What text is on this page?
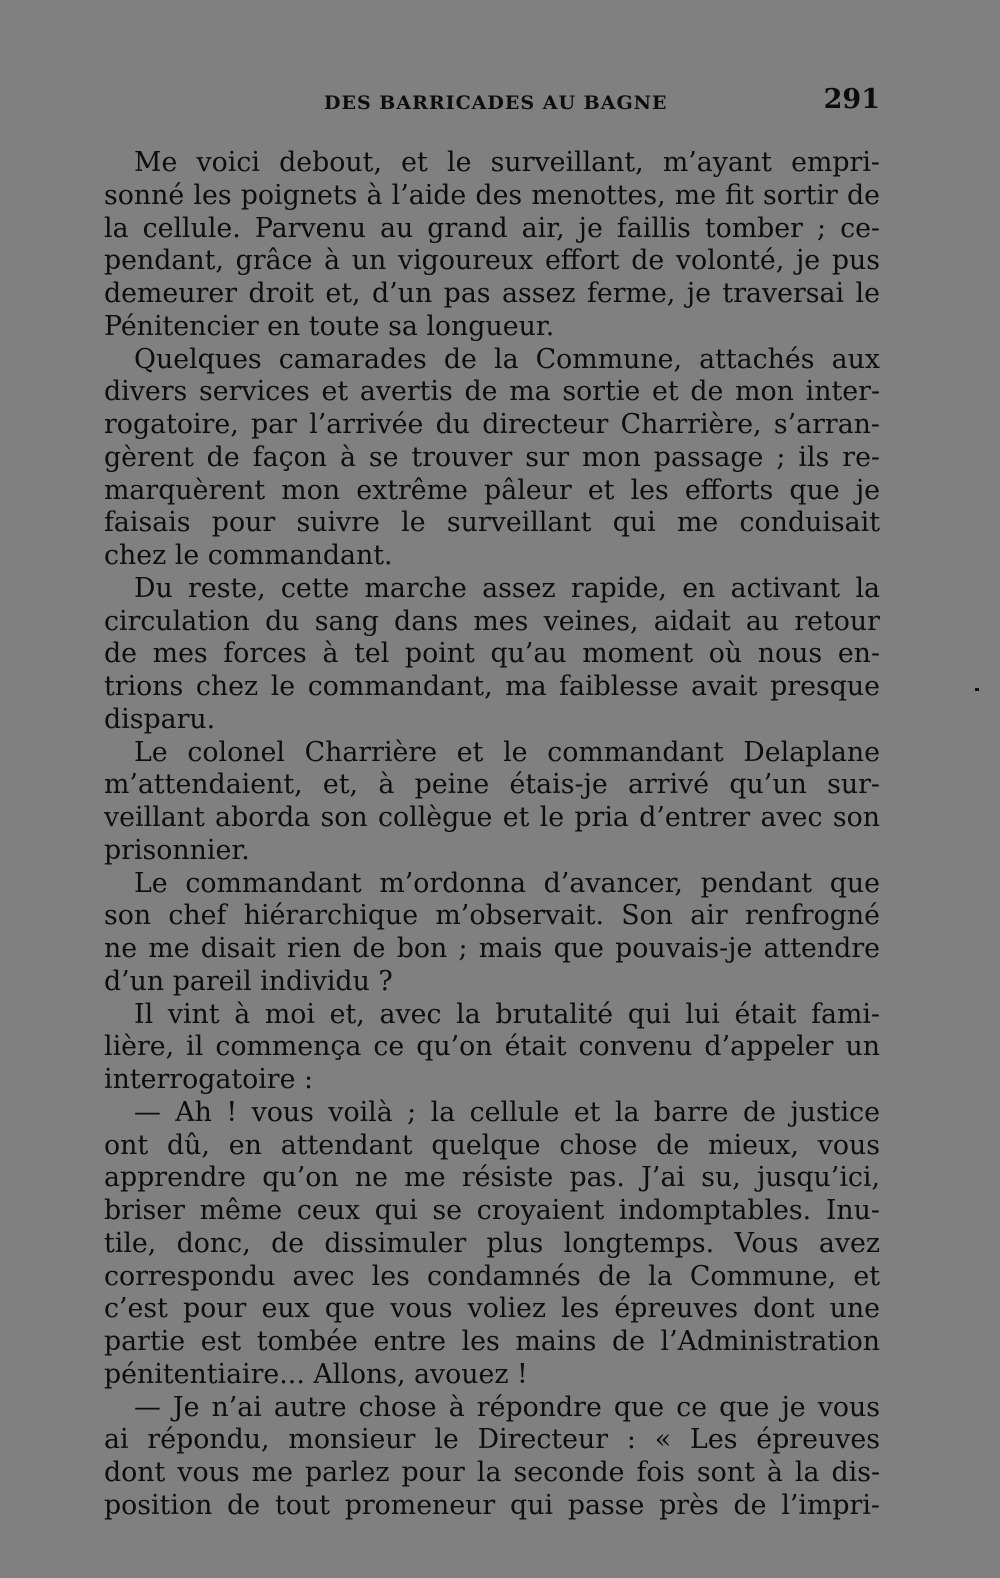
DES BARRICADES AU BAGNE	291
Me voici debout, et le surveillant, m’ayant empri-
sonné les poignets à l’aide des menottes, me fit sortir de
la cellule. Parvenu au grand air, je faillis tomber ; ce-
pendant, grâce à un vigoureux effort de volonté, je pus
demeurer droit et, d’un pas assez ferme, je traversai le
Pénitencier en toute sa longueur.
Quelques camarades de la Commune, attachés aux
divers services et avertis de ma sortie et de mon inter-
rogatoire, par l’arrivée du directeur Charrière, s’arran-
gèrent de façon à se trouver sur mon passage ; ils re-
marquèrent mon extrême pâleur et les efforts que je
faisais pour suivre le surveillant qui me conduisait
chez le commandant.
Du reste, cette marche assez rapide, en activant la
circulation du sang dans mes veines, aidait au retour
de mes forces à tel point qu’au moment où nous en-
trions chez le commandant, ma faiblesse avait presque
disparu.
Le colonel Charrière et le commandant Delaplane
m’attendaient, et, à peine étais-je arrivé qu’un sur-
veillant aborda son collègue et le pria d’entrer avec son
prisonnier.
Le commandant m’ordonna d’avancer, pendant que
son chef hiérarchique m’observait. Son air renfrogné
ne me disait rien de bon ; mais que pouvais-je attendre
d’un pareil individu ?
Il vint à moi et, avec la brutalité qui lui était fami-
lière, il commença ce qu’on était convenu d’appeler un
interrogatoire :
— Ah ! vous voilà ; la cellule et la barre de justice
ont dû, en attendant quelque chose de mieux, vous
apprendre qu’on ne me résiste pas. J’ai su, jusqu’ici,
briser même ceux qui se croyaient indomptables. Inu-
tile, donc, de dissimuler plus longtemps. Vous avez
correspondu avec les condamnés de la Commune, et
c’est pour eux que vous voliez les épreuves dont une
partie est tombée entre les mains de l’Administration
pénitentiaire... Allons, avouez !
— Je n’ai autre chose à répondre que ce que je vous
ai répondu, monsieur le Directeur : « Les épreuves
dont vous me parlez pour la seconde fois sont à la dis-
position de tout promeneur qui passe près de l’impri-
